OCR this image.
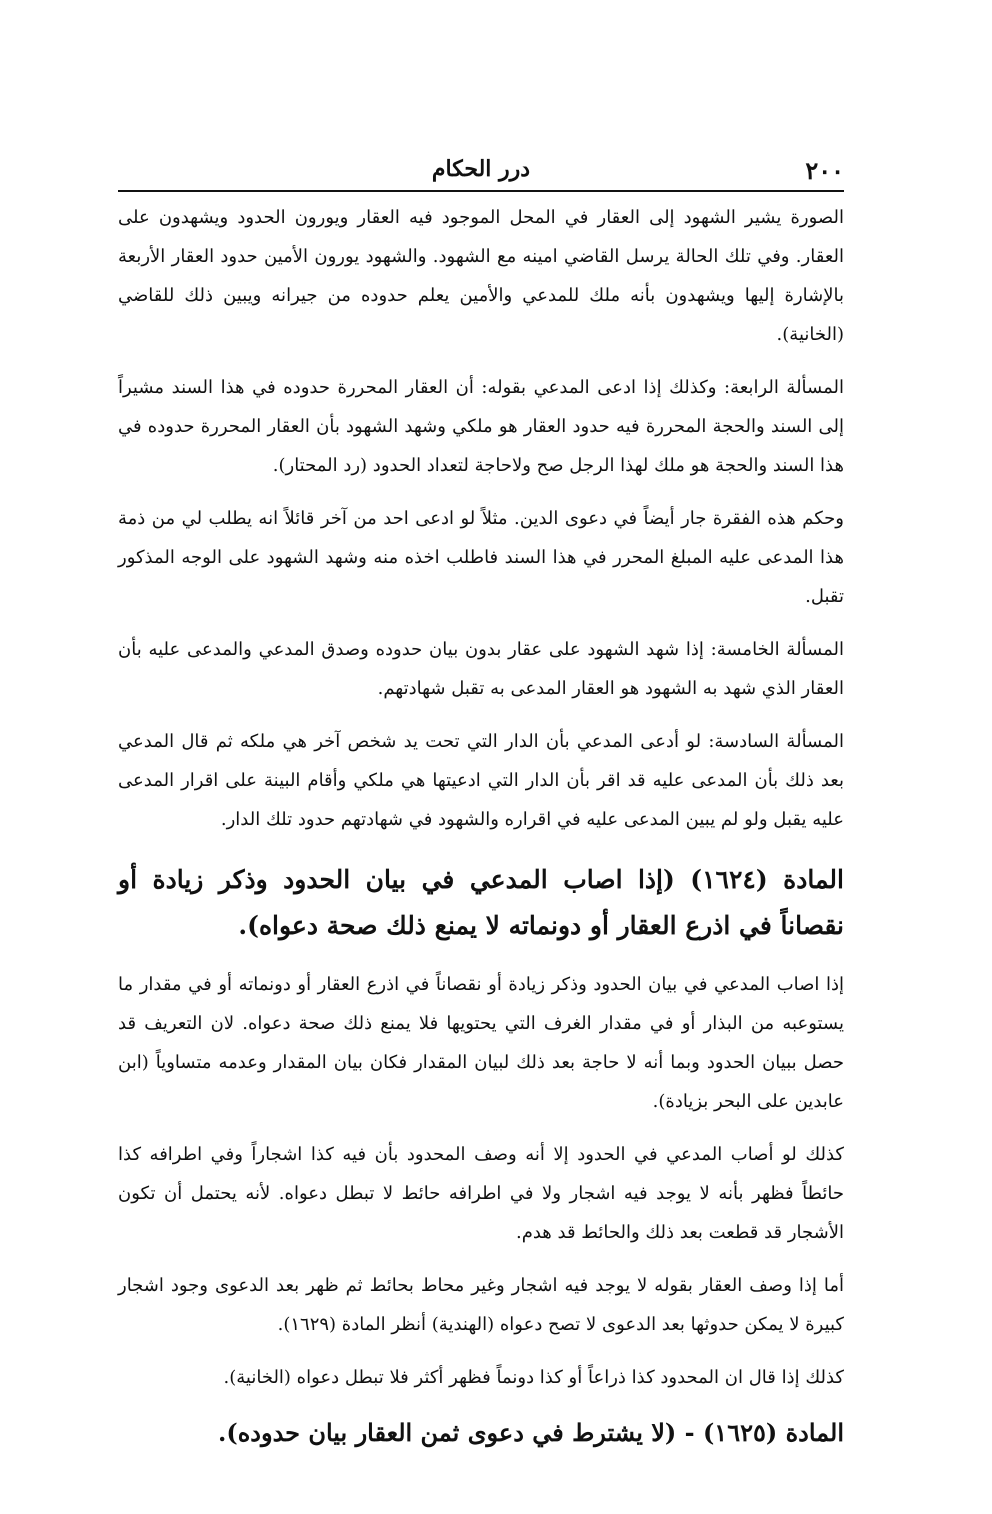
٢٠٠
درر الحكام

الصورة يشير الشهود إلى العقار في المحل الموجود فيه العقار ويورون الحدود ويشهدون على العقار. وفي تلك الحالة يرسل القاضي امينه مع الشهود. والشهود يورون الأمين حدود العقار الأربعة بالإشارة إليها ويشهدون بأنه ملك للمدعي والأمين يعلم حدوده من جيرانه ويبين ذلك للقاضي (الخانية).

المسألة الرابعة: وكذلك إذا ادعى المدعي بقوله: أن العقار المحررة حدوده في هذا السند مشيراً إلى السند والحجة المحررة فيه حدود العقار هو ملكي وشهد الشهود بأن العقار المحررة حدوده في هذا السند والحجة هو ملك لهذا الرجل صح ولاحاجة لتعداد الحدود (رد المحتار).

وحكم هذه الفقرة جار أيضاً في دعوى الدين. مثلاً لو ادعى احد من آخر قائلاً انه يطلب لي من ذمة هذا المدعى عليه المبلغ المحرر في هذا السند فاطلب اخذه منه وشهد الشهود على الوجه المذكور تقبل.

المسألة الخامسة: إذا شهد الشهود على عقار بدون بيان حدوده وصدق المدعي والمدعى عليه بأن العقار الذي شهد به الشهود هو العقار المدعى به تقبل شهادتهم.

المسألة السادسة: لو أدعى المدعي بأن الدار التي تحت يد شخص آخر هي ملكه ثم قال المدعي بعد ذلك بأن المدعى عليه قد اقر بأن الدار التي ادعيتها هي ملكي وأقام البينة على اقرار المدعى عليه يقبل ولو لم يبين المدعى عليه في اقراره والشهود في شهادتهم حدود تلك الدار.

المادة (١٦٢٤) (إذا اصاب المدعي في بيان الحدود وذكر زيادة أو نقصاناً في اذرع العقار أو دونماته لا يمنع ذلك صحة دعواه).

إذا اصاب المدعي في بيان الحدود وذكر زيادة أو نقصاناً في اذرع العقار أو دونماته أو في مقدار ما يستوعبه من البذار أو في مقدار الغرف التي يحتويها فلا يمنع ذلك صحة دعواه. لان التعريف قد حصل ببيان الحدود وبما أنه لا حاجة بعد ذلك لبيان المقدار فكان بيان المقدار وعدمه متساوياً (ابن عابدين على البحر بزيادة).

كذلك لو أصاب المدعي في الحدود إلا أنه وصف المحدود بأن فيه كذا اشجاراً وفي اطرافه كذا حائطاً فظهر بأنه لا يوجد فيه اشجار ولا في اطرافه حائط لا تبطل دعواه. لأنه يحتمل أن تكون الأشجار قد قطعت بعد ذلك والحائط قد هدم.

أما إذا وصف العقار بقوله لا يوجد فيه اشجار وغير محاط بحائط ثم ظهر بعد الدعوى وجود اشجار كبيرة لا يمكن حدوثها بعد الدعوى لا تصح دعواه (الهندية) أنظر المادة (١٦٢٩).

كذلك إذا قال ان المحدود كذا ذراعاً أو كذا دونماً فظهر أكثر فلا تبطل دعواه (الخانية).

المادة (١٦٢٥) - (لا يشترط في دعوى ثمن العقار بيان حدوده).
